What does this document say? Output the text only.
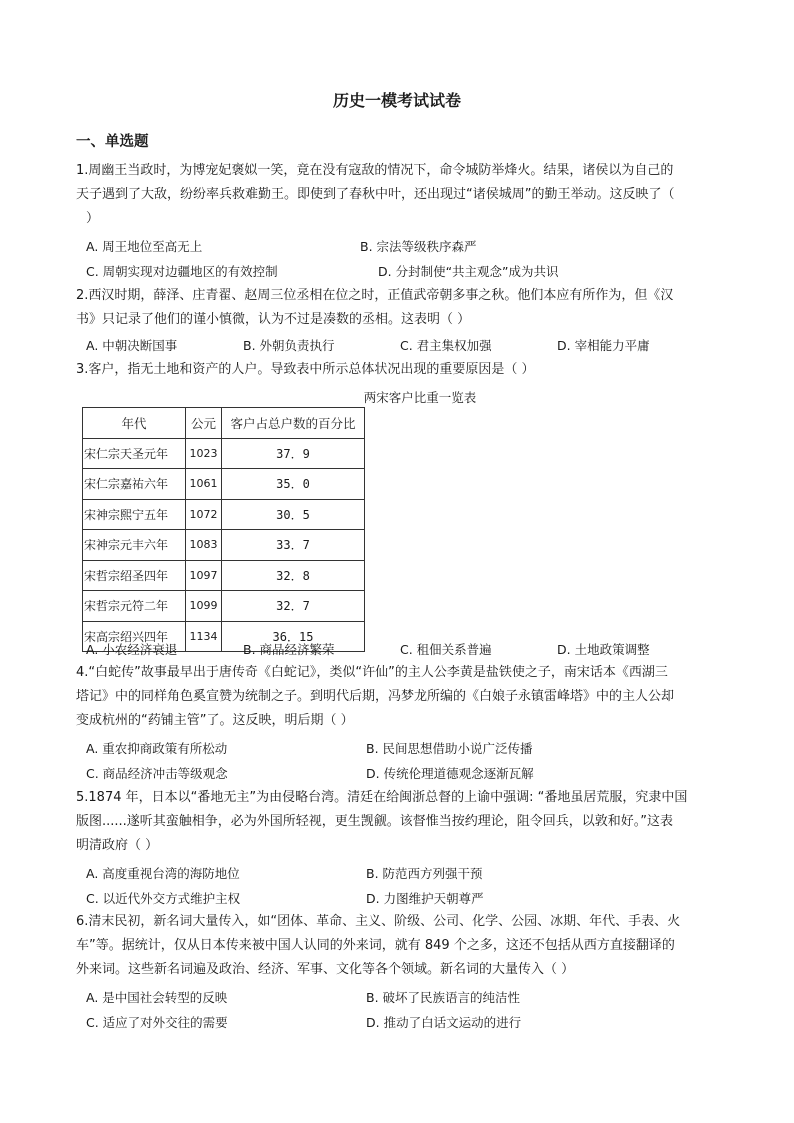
历史一模考试试卷
一、单选题
1.周幽王当政时，为博宠妃褒姒一笑，竟在没有寇敌的情况下，命令城防举烽火。结果，诸侯以为自己的
天子遇到了大敌，纷纷率兵救难勤王。即使到了春秋中叶，还出现过“诸侯城周”的勤王举动。这反映了（
）
A. 周王地位至高无上	B. 宗法等级秩序森严
C. 周朝实现对边疆地区的有效控制	D. 分封制使“共主观念”成为共识
2.西汉时期，薛泽、庄青翟、赵周三位丞相在位之时，正值武帝朝多事之秋。他们本应有所作为，但《汉
书》只记录了他们的谨小慎微，认为不过是凑数的丞相。这表明（ ）
A. 中朝决断国事	B. 外朝负责执行	C. 君主集权加强	D. 宰相能力平庸
3.客户，指无土地和资产的人户。导致表中所示总体状况出现的重要原因是（ ）
两宋客户比重一览表
年代	公元	客户占总户数的百分比
宋仁宗天圣元年	1023	37．9
宋仁宗嘉祐六年	1061	35．0
宋神宗熙宁五年	1072	30．5
宋神宗元丰六年	1083	33．7
宋哲宗绍圣四年	1097	32．8
宋哲宗元符二年	1099	32．7
宋高宗绍兴四年	1134	36．15
A. 小农经济衰退	B. 商品经济繁荣	C. 租佃关系普遍	D. 土地政策调整
4.“白蛇传”故事最早出于唐传奇《白蛇记》，类似“许仙”的主人公李黄是盐铁使之子，南宋话本《西湖三
塔记》中的同样角色奚宣赞为统制之子。到明代后期，冯梦龙所编的《白娘子永镇雷峰塔》中的主人公却
变成杭州的“药铺主管”了。这反映，明后期（ ）
A. 重农抑商政策有所松动	B. 民间思想借助小说广泛传播
C. 商品经济冲击等级观念	D. 传统伦理道德观念逐渐瓦解
5.1874 年，日本以“番地无主”为由侵略台湾。清廷在给闽浙总督的上谕中强调: “番地虽居荒服，究隶中国
版图......遂听其蛮触相争，必为外国所轻视，更生觊觎。该督惟当按约理论，阻令回兵，以敦和好。”这表
明清政府（ ）
A. 高度重视台湾的海防地位	B. 防范西方列强干预
C. 以近代外交方式维护主权	D. 力图维护天朝尊严
6.清末民初，新名词大量传入，如“团体、革命、主义、阶级、公司、化学、公园、冰期、年代、手表、火
车”等。据统计，仅从日本传来被中国人认同的外来词，就有 849 个之多，这还不包括从西方直接翻译的
外来词。这些新名词遍及政治、经济、军事、文化等各个领域。新名词的大量传入（ ）
A. 是中国社会转型的反映	B. 破坏了民族语言的纯洁性
C. 适应了对外交往的需要	D. 推动了白话文运动的进行
